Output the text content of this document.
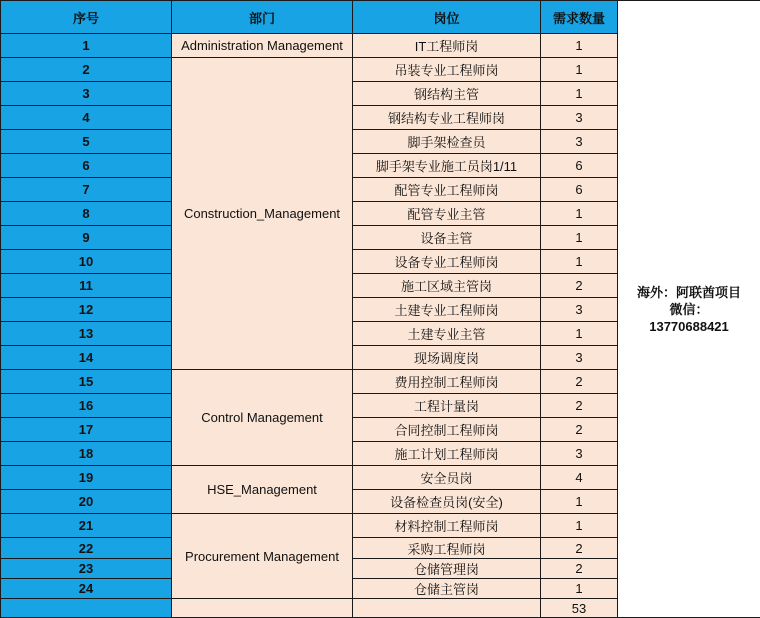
序号	部门	岗位	需求数量	海外：阿联酋项目
微信：
13770688421

1	Administration Management	IT工程师岗	1	
2	Construction_Management	吊装专业工程师岗	1	
3		钢结构主管	1	
4		钢结构专业工程师岗	3	
5		脚手架检查员	3	
6		脚手架专业施工员岗1/11	6	
7		配管专业工程师岗	6	
8		配管专业主管	1	
9		设备主管	1	
10		设备专业工程师岗	1	
11		施工区域主管岗	2	
12		土建专业工程师岗	3	
13		土建专业主管	1	
14		现场调度岗	3	
15	Control Management	费用控制工程师岗	2	
16		工程计量岗	2	
17		合同控制工程师岗	2	
18		施工计划工程师岗	3	
19	HSE_Management	安全员岗	4	
20		设备检查员岗(安全)	1	
21	Procurement Management	材料控制工程师岗	1	
22		采购工程师岗	2	
23		仓储管理岗	2	
24		仓储主管岗	1	
			53	
